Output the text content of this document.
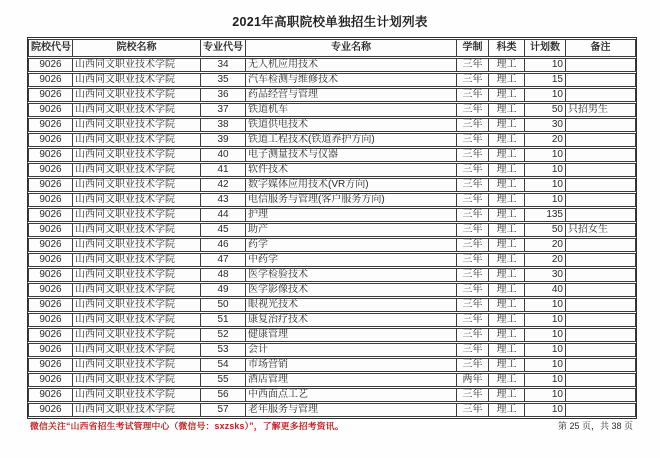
2021年高职院校单独招生计划列表
院校代号	院校名称	专业代号	专业名称	学制	科类	计划数	备注
9026	山西同文职业技术学院	34	无人机应用技术	三年	理工	10	
9026	山西同文职业技术学院	35	汽车检测与维修技术	三年	理工	15	
9026	山西同文职业技术学院	36	药品经营与管理	三年	理工	10	
9026	山西同文职业技术学院	37	铁道机车	三年	理工	50	只招男生
9026	山西同文职业技术学院	38	铁道供电技术	三年	理工	30	
9026	山西同文职业技术学院	39	铁道工程技术(铁道养护方向)	三年	理工	20	
9026	山西同文职业技术学院	40	电子测量技术与仪器	三年	理工	10	
9026	山西同文职业技术学院	41	软件技术	三年	理工	10	
9026	山西同文职业技术学院	42	数字媒体应用技术(VR方向)	三年	理工	10	
9026	山西同文职业技术学院	43	电信服务与管理(客户服务方向)	三年	理工	10	
9026	山西同文职业技术学院	44	护理	三年	理工	135	
9026	山西同文职业技术学院	45	助产	三年	理工	50	只招女生
9026	山西同文职业技术学院	46	药学	三年	理工	20	
9026	山西同文职业技术学院	47	中药学	三年	理工	20	
9026	山西同文职业技术学院	48	医学检验技术	三年	理工	30	
9026	山西同文职业技术学院	49	医学影像技术	三年	理工	40	
9026	山西同文职业技术学院	50	眼视光技术	三年	理工	10	
9026	山西同文职业技术学院	51	康复治疗技术	三年	理工	10	
9026	山西同文职业技术学院	52	健康管理	三年	理工	10	
9026	山西同文职业技术学院	53	会计	三年	理工	10	
9026	山西同文职业技术学院	54	市场营销	三年	理工	10	
9026	山西同文职业技术学院	55	酒店管理	两年	理工	10	
9026	山西同文职业技术学院	56	中西面点工艺	三年	理工	10	
9026	山西同文职业技术学院	57	老年服务与管理	三年	理工	10	
微信关注“山西省招生考试管理中心（微信号：sxzsks）”，了解更多招考资讯。	第 25 页，共 38 页
